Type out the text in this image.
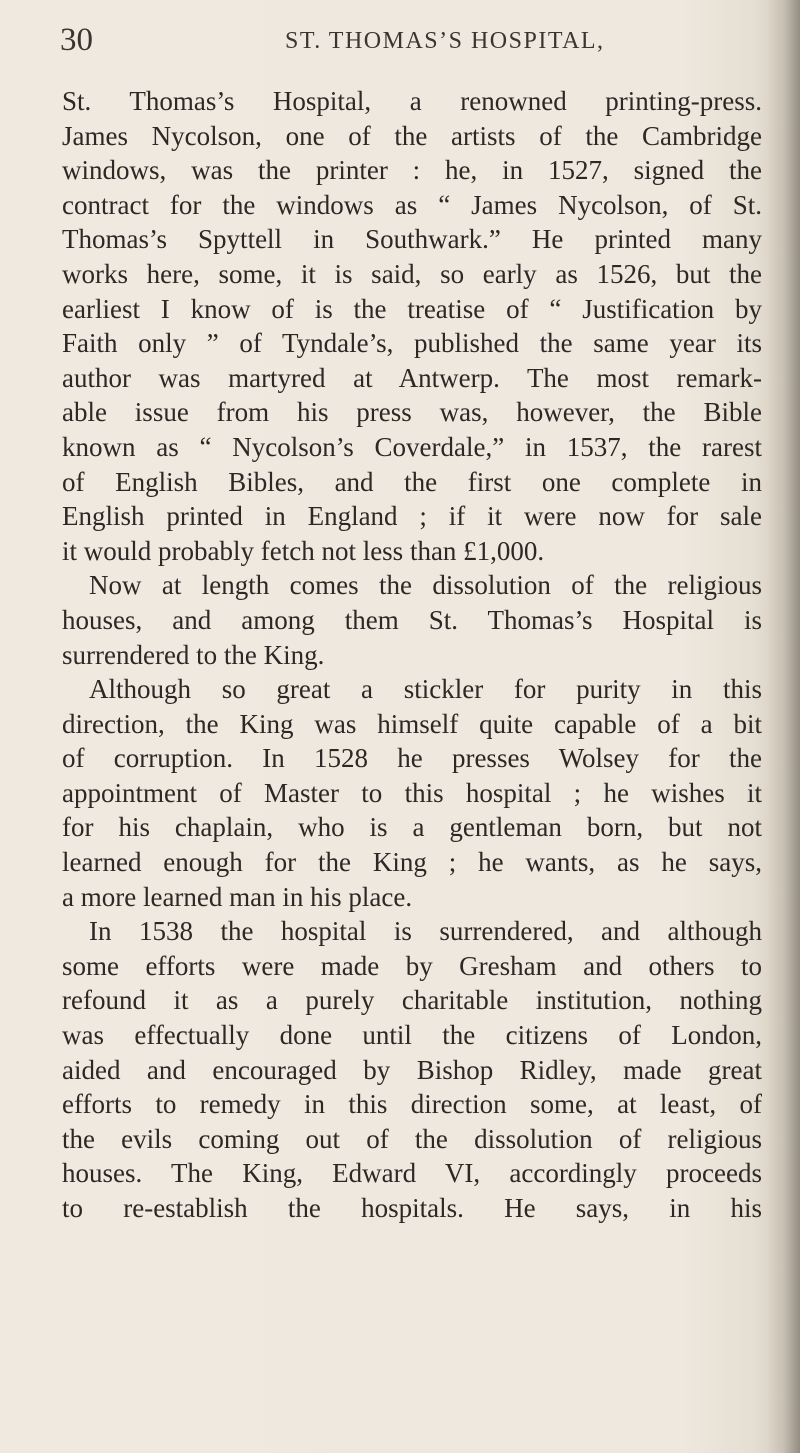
30	ST. THOMAS’S HOSPITAL,
St. Thomas’s Hospital, a renowned printing-press.
James Nycolson, one of the artists of the Cambridge
windows, was the printer : he, in 1527, signed the
contract for the windows as “ James Nycolson, of St.
Thomas’s Spyttell in Southwark.” He printed many
works here, some, it is said, so early as 1526, but the
earliest I know of is the treatise of “ Justification by
Faith only ” of Tyndale’s, published the same year its
author was martyred at Antwerp. The most remark-
able issue from his press was, however, the Bible
known as “ Nycolson’s Coverdale,” in 1537, the rarest
of English Bibles, and the first one complete in
English printed in England ; if it were now for sale
it would probably fetch not less than £1,000.
Now at length comes the dissolution of the religious
houses, and among them St. Thomas’s Hospital is
surrendered to the King.
Although so great a stickler for purity in this
direction, the King was himself quite capable of a bit
of corruption. In 1528 he presses Wolsey for the
appointment of Master to this hospital ; he wishes it
for his chaplain, who is a gentleman born, but not
learned enough for the King ; he wants, as he says,
a more learned man in his place.
In 1538 the hospital is surrendered, and although
some efforts were made by Gresham and others to
refound it as a purely charitable institution, nothing
was effectually done until the citizens of London,
aided and encouraged by Bishop Ridley, made great
efforts to remedy in this direction some, at least, of
the evils coming out of the dissolution of religious
houses. The King, Edward VI, accordingly proceeds
to re-establish the hospitals. He says, in his
